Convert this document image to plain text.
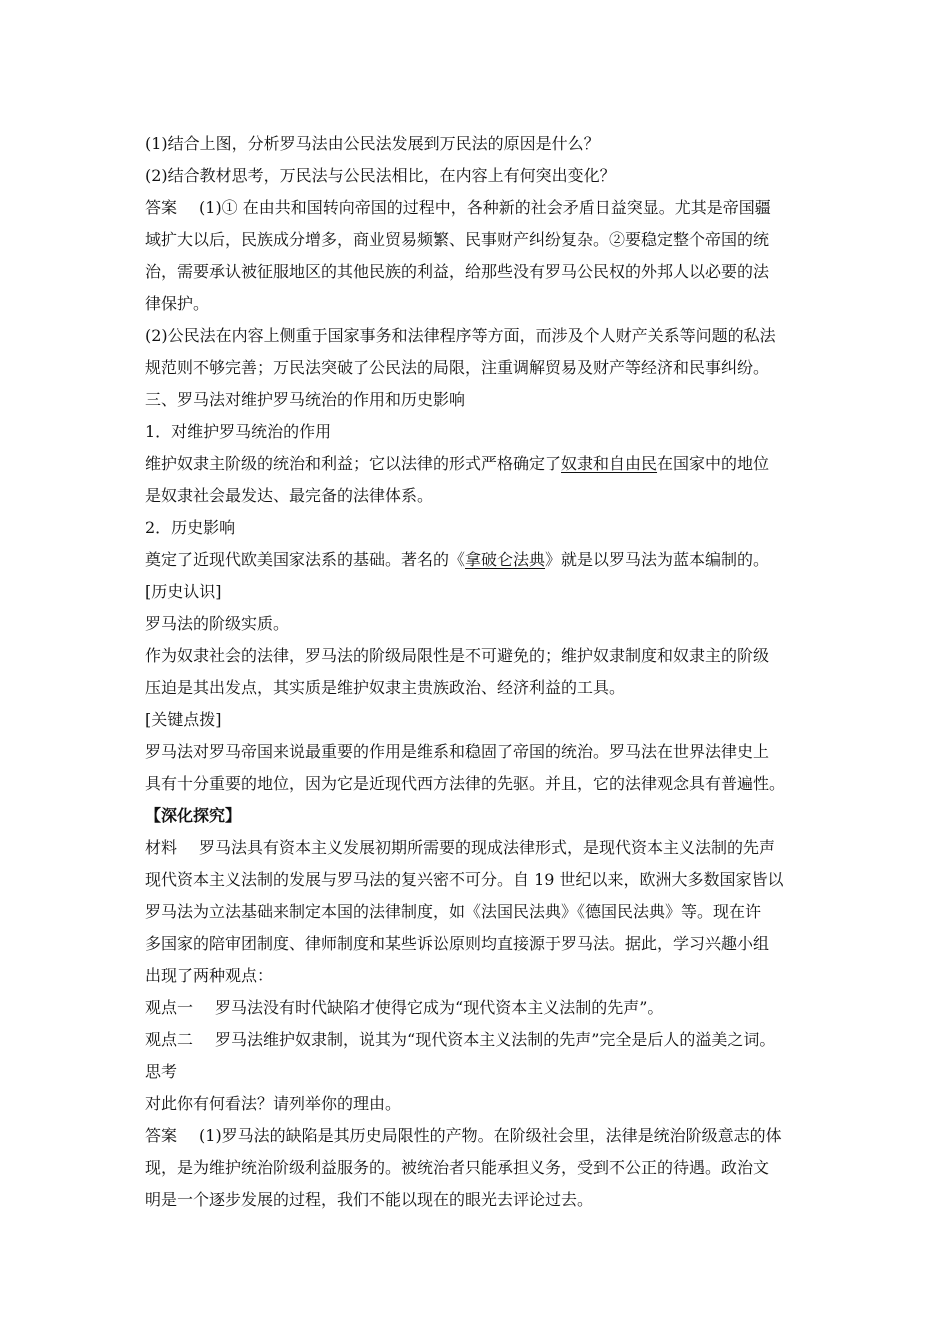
(1)结合上图，分析罗马法由公民法发展到万民法的原因是什么？
(2)结合教材思考，万民法与公民法相比，在内容上有何突出变化？
答案 (1)① 在由共和国转向帝国的过程中，各种新的社会矛盾日益突显。尤其是帝国疆
域扩大以后，民族成分增多，商业贸易频繁、民事财产纠纷复杂。②要稳定整个帝国的统
治，需要承认被征服地区的其他民族的利益，给那些没有罗马公民权的外邦人以必要的法
律保护。
(2)公民法在内容上侧重于国家事务和法律程序等方面，而涉及个人财产关系等问题的私法
规范则不够完善；万民法突破了公民法的局限，注重调解贸易及财产等经济和民事纠纷。
三、罗马法对维护罗马统治的作用和历史影响
1．对维护罗马统治的作用
维护奴隶主阶级的统治和利益；它以法律的形式严格确定了奴隶和自由民在国家中的地位
是奴隶社会最发达、最完备的法律体系。
2．历史影响
奠定了近现代欧美国家法系的基础。著名的《拿破仑法典》就是以罗马法为蓝本编制的。
[历史认识]
罗马法的阶级实质。
作为奴隶社会的法律，罗马法的阶级局限性是不可避免的；维护奴隶制度和奴隶主的阶级
压迫是其出发点，其实质是维护奴隶主贵族政治、经济利益的工具。
[关键点拨]
罗马法对罗马帝国来说最重要的作用是维系和稳固了帝国的统治。罗马法在世界法律史上
具有十分重要的地位，因为它是近现代西方法律的先驱。并且，它的法律观念具有普遍性。
【深化探究】
材料 罗马法具有资本主义发展初期所需要的现成法律形式，是现代资本主义法制的先声
现代资本主义法制的发展与罗马法的复兴密不可分。自 19 世纪以来，欧洲大多数国家皆以
罗马法为立法基础来制定本国的法律制度，如《法国民法典》《德国民法典》等。现在许
多国家的陪审团制度、律师制度和某些诉讼原则均直接源于罗马法。据此，学习兴趣小组
出现了两种观点：
观点一 罗马法没有时代缺陷才使得它成为“现代资本主义法制的先声”。
观点二 罗马法维护奴隶制，说其为“现代资本主义法制的先声”完全是后人的溢美之词。
思考
对此你有何看法？请列举你的理由。
答案 (1)罗马法的缺陷是其历史局限性的产物。在阶级社会里，法律是统治阶级意志的体
现，是为维护统治阶级利益服务的。被统治者只能承担义务，受到不公正的待遇。政治文
明是一个逐步发展的过程，我们不能以现在的眼光去评论过去。
